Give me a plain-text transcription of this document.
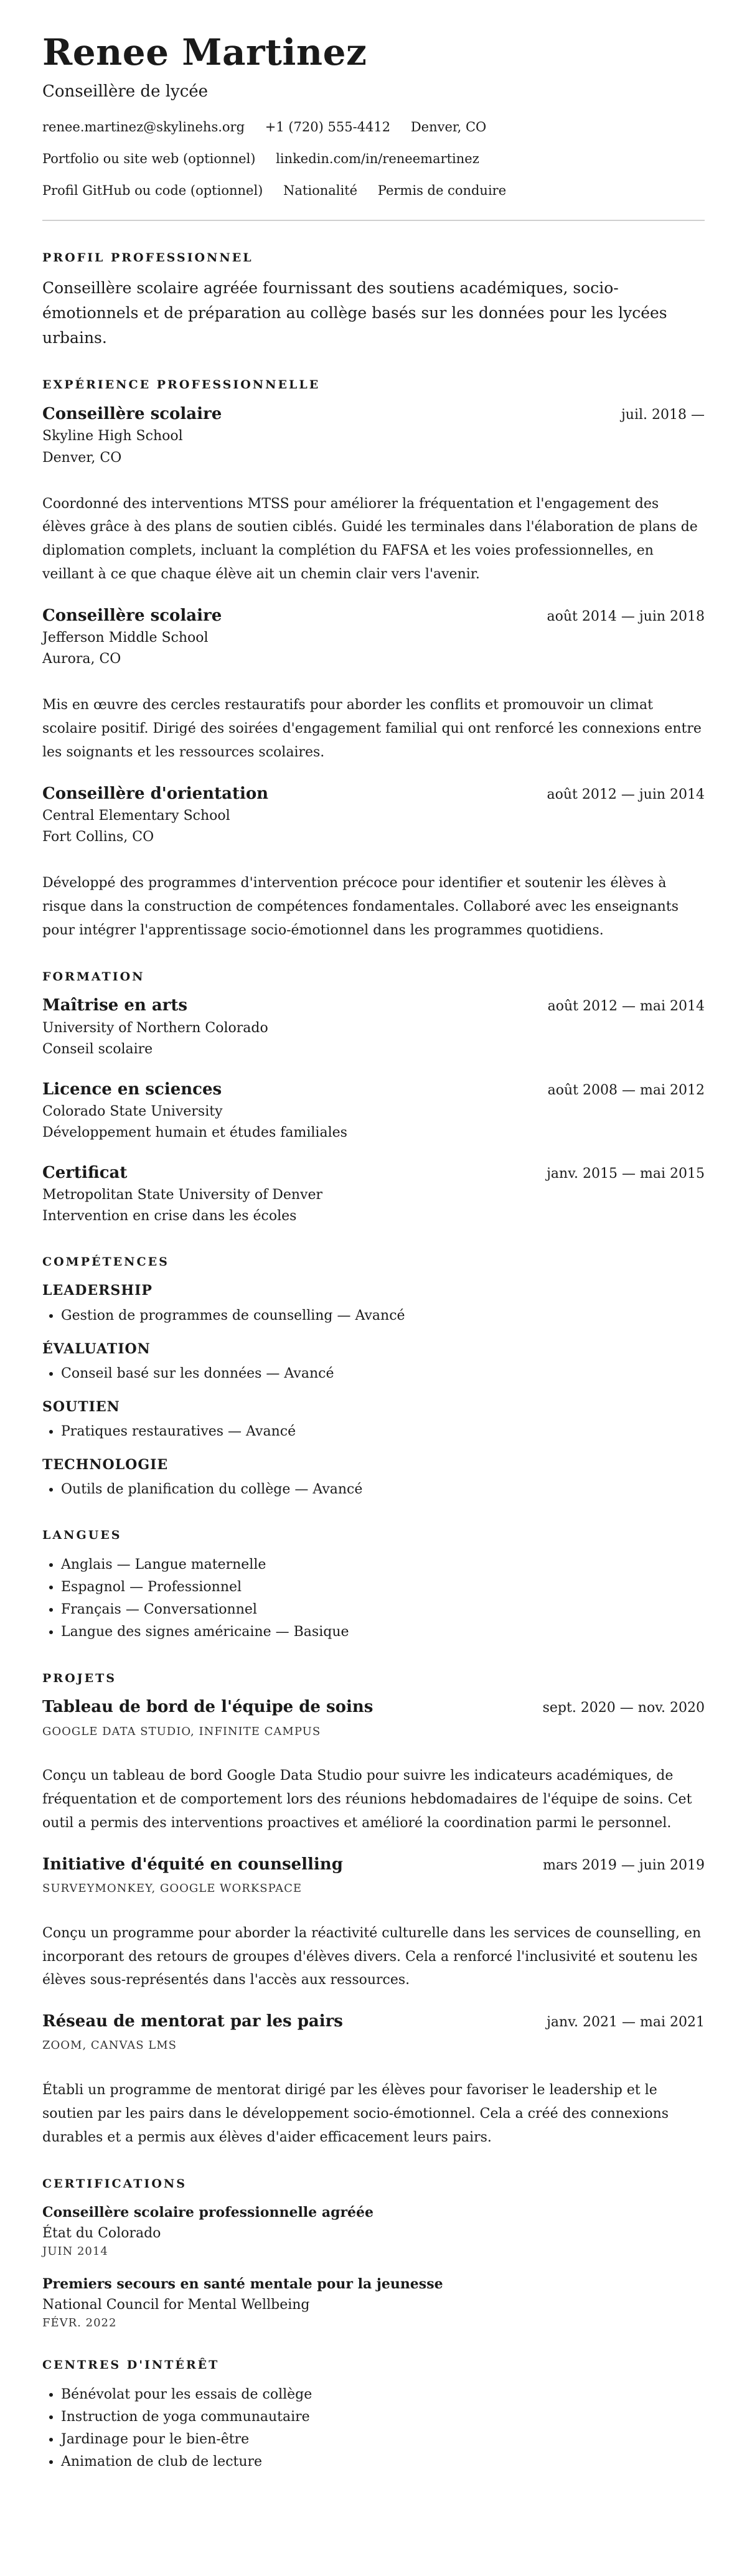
Renee Martinez
Conseillère de lycée
renee.martinez@skylinehs.org +1 (720) 555-4412 Denver, CO
Portfolio ou site web (optionnel) linkedin.com/in/reneemartinez
Profil GitHub ou code (optionnel) Nationalité Permis de conduire
PROFIL PROFESSIONNEL

Conseillère scolaire agréée fournissant des soutiens académiques, socio-émotionnels et de préparation au collège basés sur les données pour les lycées urbains.

EXPÉRIENCE PROFESSIONNELLE
Conseillère scolaire	juil. 2018 —
Skyline High School
Denver, CO

Coordonné des interventions MTSS pour améliorer la fréquentation et l'engagement des élèves grâce à des plans de soutien ciblés. Guidé les terminales dans l'élaboration de plans de diplomation complets, incluant la complétion du FAFSA et les voies professionnelles, en veillant à ce que chaque élève ait un chemin clair vers l'avenir.

Conseillère scolaire	août 2014 — juin 2018
Jefferson Middle School
Aurora, CO

Mis en œuvre des cercles restauratifs pour aborder les conflits et promouvoir un climat scolaire positif. Dirigé des soirées d'engagement familial qui ont renforcé les connexions entre les soignants et les ressources scolaires.

Conseillère d'orientation	août 2012 — juin 2014
Central Elementary School
Fort Collins, CO

Développé des programmes d'intervention précoce pour identifier et soutenir les élèves à risque dans la construction de compétences fondamentales. Collaboré avec les enseignants pour intégrer l'apprentissage socio-émotionnel dans les programmes quotidiens.

FORMATION
Maîtrise en arts	août 2012 — mai 2014
University of Northern Colorado
Conseil scolaire
Licence en sciences	août 2008 — mai 2012
Colorado State University
Développement humain et études familiales
Certificat	janv. 2015 — mai 2015
Metropolitan State University of Denver
Intervention en crise dans les écoles
COMPÉTENCES
LEADERSHIP
• Gestion de programmes de counselling — Avancé
ÉVALUATION
• Conseil basé sur les données — Avancé
SOUTIEN
• Pratiques restauratives — Avancé
TECHNOLOGIE
• Outils de planification du collège — Avancé
LANGUES
• Anglais — Langue maternelle
• Espagnol — Professionnel
• Français — Conversationnel
• Langue des signes américaine — Basique
PROJETS
Tableau de bord de l'équipe de soins	sept. 2020 — nov. 2020
GOOGLE DATA STUDIO, INFINITE CAMPUS

Conçu un tableau de bord Google Data Studio pour suivre les indicateurs académiques, de fréquentation et de comportement lors des réunions hebdomadaires de l'équipe de soins. Cet outil a permis des interventions proactives et amélioré la coordination parmi le personnel.

Initiative d'équité en counselling	mars 2019 — juin 2019
SURVEYMONKEY, GOOGLE WORKSPACE

Conçu un programme pour aborder la réactivité culturelle dans les services de counselling, en incorporant des retours de groupes d'élèves divers. Cela a renforcé l'inclusivité et soutenu les élèves sous-représentés dans l'accès aux ressources.

Réseau de mentorat par les pairs	janv. 2021 — mai 2021
ZOOM, CANVAS LMS

Établi un programme de mentorat dirigé par les élèves pour favoriser le leadership et le soutien par les pairs dans le développement socio-émotionnel. Cela a créé des connexions durables et a permis aux élèves d'aider efficacement leurs pairs.

CERTIFICATIONS
Conseillère scolaire professionnelle agréée
État du Colorado
JUIN 2014
Premiers secours en santé mentale pour la jeunesse
National Council for Mental Wellbeing
FÉVR. 2022
CENTRES D'INTÉRÊT
• Bénévolat pour les essais de collège
• Instruction de yoga communautaire
• Jardinage pour le bien-être
• Animation de club de lecture
